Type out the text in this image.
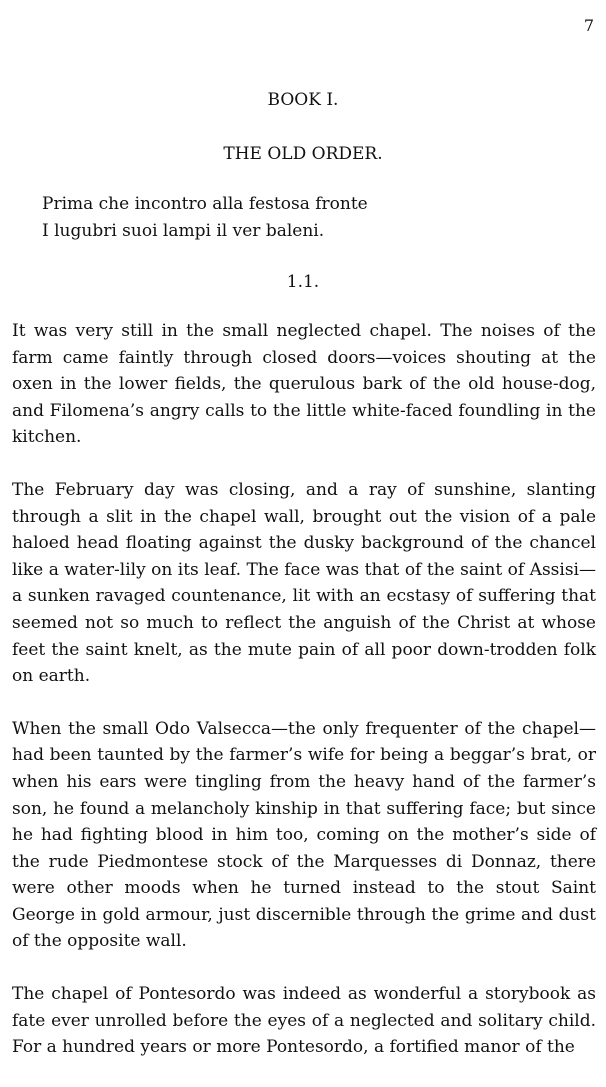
7
BOOK I.
THE OLD ORDER.
Prima che incontro alla festosa fronte
I lugubri suoi lampi il ver baleni.
1.1.

It was very still in the small neglected chapel. The noises of the farm came faintly through closed doors—voices shouting at the oxen in the lower fields, the querulous bark of the old house-dog, and Filomena’s angry calls to the little white-faced foundling in the kitchen.

The February day was closing, and a ray of sunshine, slanting through a slit in the chapel wall, brought out the vision of a pale haloed head floating against the dusky background of the chancel like a water-lily on its leaf. The face was that of the saint of Assisi—a sunken ravaged countenance, lit with an ecstasy of suffering that seemed not so much to reflect the anguish of the Christ at whose feet the saint knelt, as the mute pain of all poor down-trodden folk on earth.

When the small Odo Valsecca—the only frequenter of the chapel—had been taunted by the farmer’s wife for being a beggar’s brat, or when his ears were tingling from the heavy hand of the farmer’s son, he found a melancholy kinship in that suffering face; but since he had fighting blood in him too, coming on the mother’s side of the rude Piedmontese stock of the Marquesses di Donnaz, there were other moods when he turned instead to the stout Saint George in gold armour, just discernible through the grime and dust of the opposite wall.

The chapel of Pontesordo was indeed as wonderful a storybook as fate ever unrolled before the eyes of a neglected and solitary child. For a hundred years or more Pontesordo, a fortified manor of the
